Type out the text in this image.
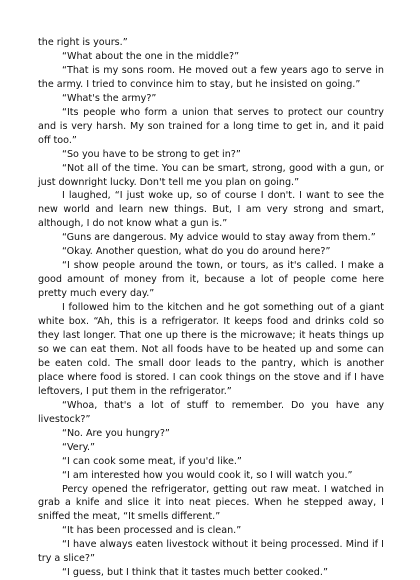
the right is yours.”

“What about the one in the middle?”

“That is my sons room. He moved out a few years ago to serve in the army. I tried to convince him to stay, but he insisted on going.”

“What's the army?”

“Its people who form a union that serves to protect our country and is very harsh. My son trained for a long time to get in, and it paid off too.”

“So you have to be strong to get in?”

“Not all of the time. You can be smart, strong, good with a gun, or just downright lucky. Don't tell me you plan on going.”

I laughed, “I just woke up, so of course I don't. I want to see the new world and learn new things. But, I am very strong and smart, although, I do not know what a gun is.”

“Guns are dangerous. My advice would to stay away from them.”

“Okay. Another question, what do you do around here?”

“I show people around the town, or tours, as it's called. I make a good amount of money from it, because a lot of people come here pretty much every day.”

I followed him to the kitchen and he got something out of a giant white box. “Ah, this is a refrigerator. It keeps food and drinks cold so they last longer. That one up there is the microwave; it heats things up so we can eat them. Not all foods have to be heated up and some can be eaten cold. The small door leads to the pantry, which is another place where food is stored. I can cook things on the stove and if I have leftovers, I put them in the refrigerator.”

“Whoa, that's a lot of stuff to remember. Do you have any livestock?”

“No. Are you hungry?”

“Very.”

“I can cook some meat, if you'd like.”

“I am interested how you would cook it, so I will watch you.”

Percy opened the refrigerator, getting out raw meat. I watched in grab a knife and slice it into neat pieces. When he stepped away, I sniffed the meat, “It smells different.”

“It has been processed and is clean.”

“I have always eaten livestock without it being processed. Mind if I try a slice?”

“I guess, but I think that it tastes much better cooked.”
